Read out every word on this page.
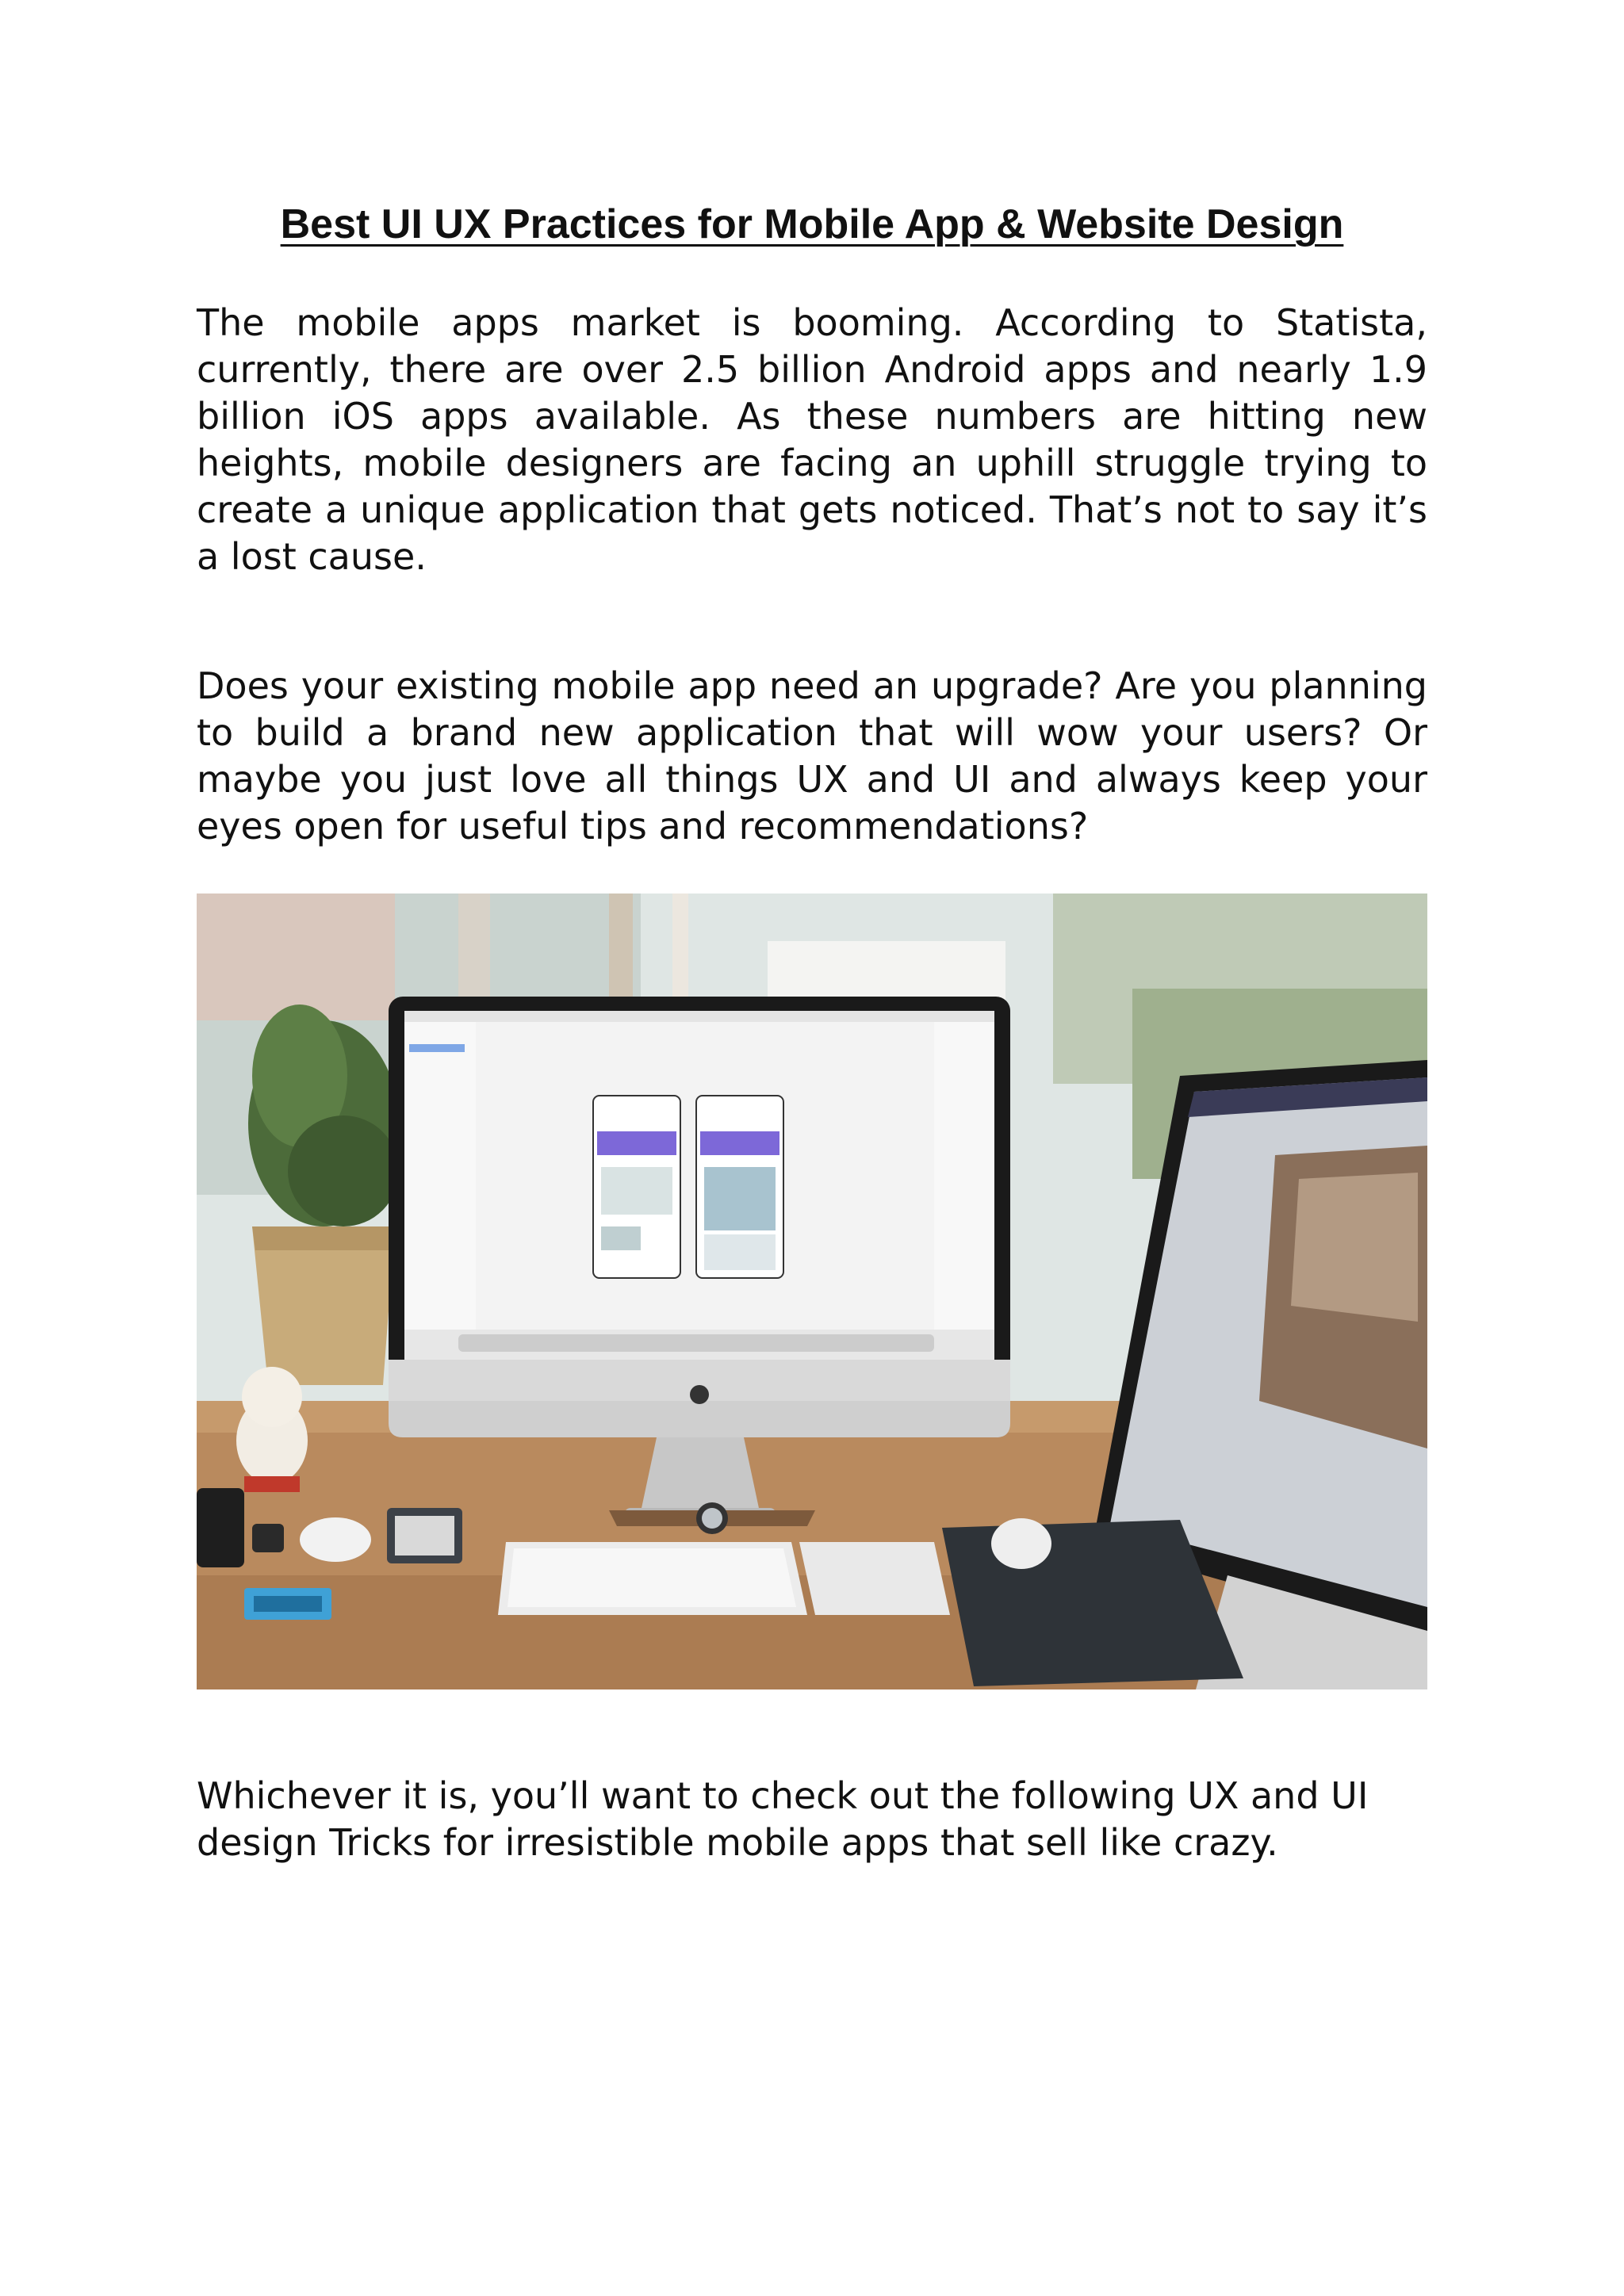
Best UI UX Practices for Mobile App & Website Design

The mobile apps market is booming. According to Statista, currently, there are over 2.5 billion Android apps and nearly 1.9 billion iOS apps available. As these numbers are hitting new heights, mobile designers are facing an uphill struggle trying to create a unique application that gets noticed. That’s not to say it’s a lost cause.

Does your existing mobile app need an upgrade? Are you planning to build a brand new application that will wow your users? Or maybe you just love all things UX and UI and always keep your eyes open for useful tips and recommendations?

Whichever it is, you’ll want to check out the following UX and UI design Tricks for irresistible mobile apps that sell like crazy.
